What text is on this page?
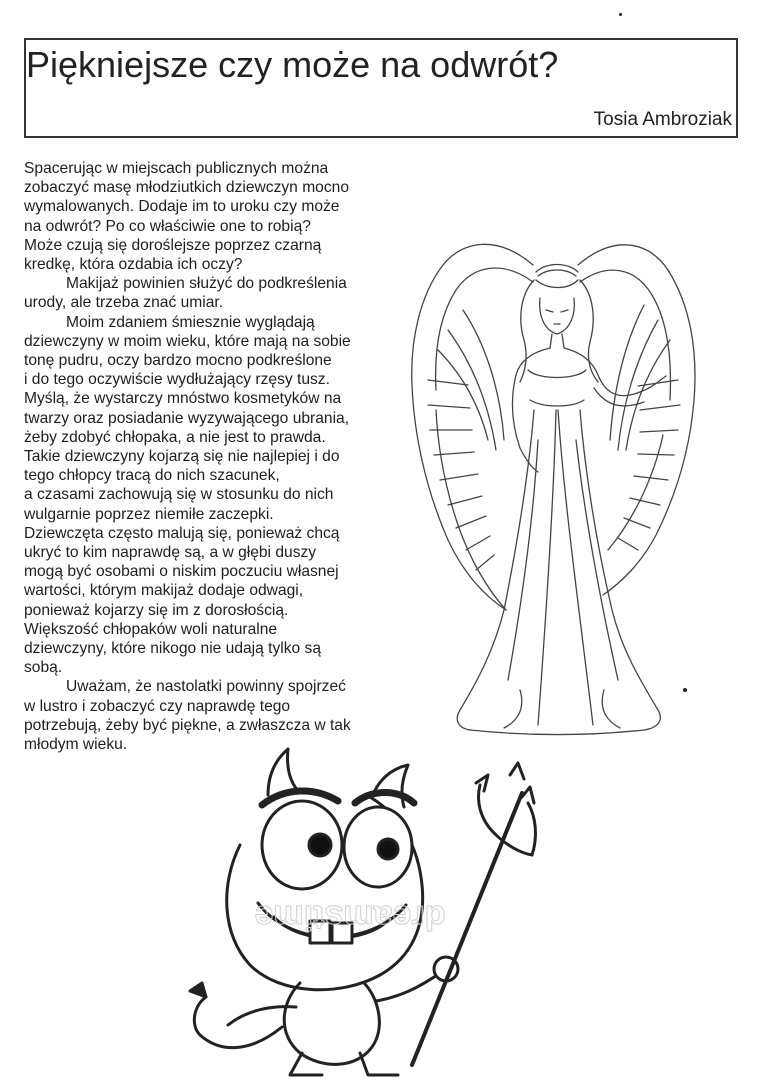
Piękniejsze czy może na odwrót?
Tosia Ambroziak

Spacerując w miejscach publicznych można
zobaczyć masę młodziutkich dziewczyn mocno
wymalowanych. Dodaje im to uroku czy może
na odwrót? Po co właściwie one to robią?
Może czują się doroślejsze poprzez czarną
kredkę, która ozdabia ich oczy?

Makijaż powinien służyć do podkreślenia
urody, ale trzeba znać umiar.

Moim zdaniem śmiesznie wyglądają
dziewczyny w moim wieku, które mają na sobie
tonę pudru, oczy bardzo mocno podkreślone
i do tego oczywiście wydłużający rzęsy tusz.
Myślą, że wystarczy mnóstwo kosmetyków na
twarzy oraz posiadanie wyzywającego ubrania,
żeby zdobyć chłopaka, a nie jest to prawda.
Takie dziewczyny kojarzą się nie najlepiej i do
tego chłopcy tracą do nich szacunek,
a czasami zachowują się w stosunku do nich
wulgarnie poprzez niemiłe zaczepki.
Dziewczęta często malują się, ponieważ chcą
ukryć to kim naprawdę są, a w głębi duszy
mogą być osobami o niskim poczuciu własnej
wartości, którym makijaż dodaje odwagi,
ponieważ kojarzy się im z dorosłością.
Większość chłopaków woli naturalne
dziewczyny, które nikogo nie udają tylko są
sobą.

Uważam, że nastolatki powinny spojrzeć
w lustro i zobaczyć czy naprawdę tego
potrzebują, żeby być piękne, a zwłaszcza w tak
młodym wieku.

dreamstime
